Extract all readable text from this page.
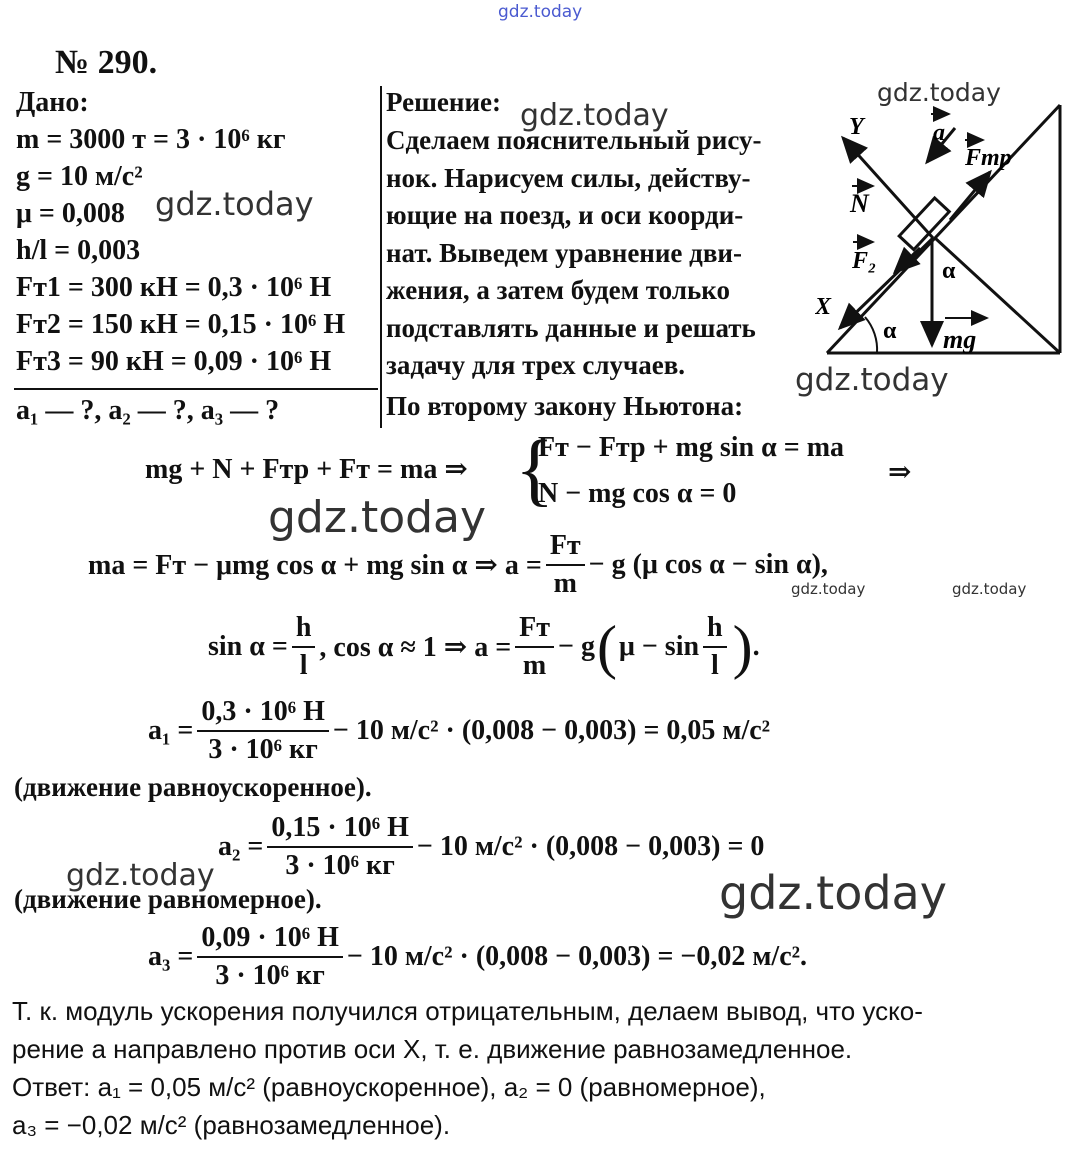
gdz.today
gdz.today
gdz.today
gdz.today
gdz.today
gdz.today
gdz.today	gdz.today
gdz.today	gdz.today
№ 290.
Дано:
m = 3000 т = 3 · 10⁶ кг
g = 10 м/с²
μ = 0,008
h/l = 0,003
Fт1 = 300 кН = 0,3 · 10⁶ Н
Fт2 = 150 кН = 0,15 · 10⁶ Н
Fт3 = 90 кН = 0,09 · 10⁶ Н
a₁ — ?, a₂ — ?, a₃ — ?
Решение:
Сделаем пояснительный рису-
нок. Нарисуем силы, действу-
ющие на поезд, и оси коорди-
нат. Выведем уравнение дви-
жения, а затем будем только
подставлять данные и решать
задачу для трех случаев.
По второму закону Ньютона:
Y
X
a
Fтр
N
F₂
mg
α
α
mg + N + Fтр + Fт = ma ⇒ {
Fт − Fтр + mg sin α = ma
N − mg cos α = 0
⇒
ma = Fт − μmg cos α + mg sin α ⇒ $a = \frac{Fт}{m} - g$ (μ cos α − sin α),
$\sin \alpha = \frac{h}{l}$ , cos α ≈ 1 ⇒ $a = \frac{Fт}{m} - g$ ( $\mu - \sin \frac{h}{l}$ ) .
$a_1 = \frac{\text{0,3 · 10⁶ Н}}{\text{3 · 10⁶ кг}} - 10$ м/с² · (0,008 − 0,003) = 0,05 м/с²
(движение равноускоренное).
$a_2 = \frac{\text{0,15 · 10⁶ Н}}{\text{3 · 10⁶ кг}} - 10$ м/с² · (0,008 − 0,003) = 0
(движение равномерное).
$a_3 = \frac{\text{0,09 · 10⁶ Н}}{\text{3 · 10⁶ кг}} - 10$ м/с² · (0,008 − 0,003) = −0,02 м/с².
Т. к. модуль ускорения получился отрицательным, делаем вывод, что уско-
рение a направлено против оси X, т. е. движение равнозамедленное.
Ответ: a₁ = 0,05 м/с² (равноускоренное), a₂ = 0 (равномерное),
a₃ = −0,02 м/с² (равнозамедленное).
